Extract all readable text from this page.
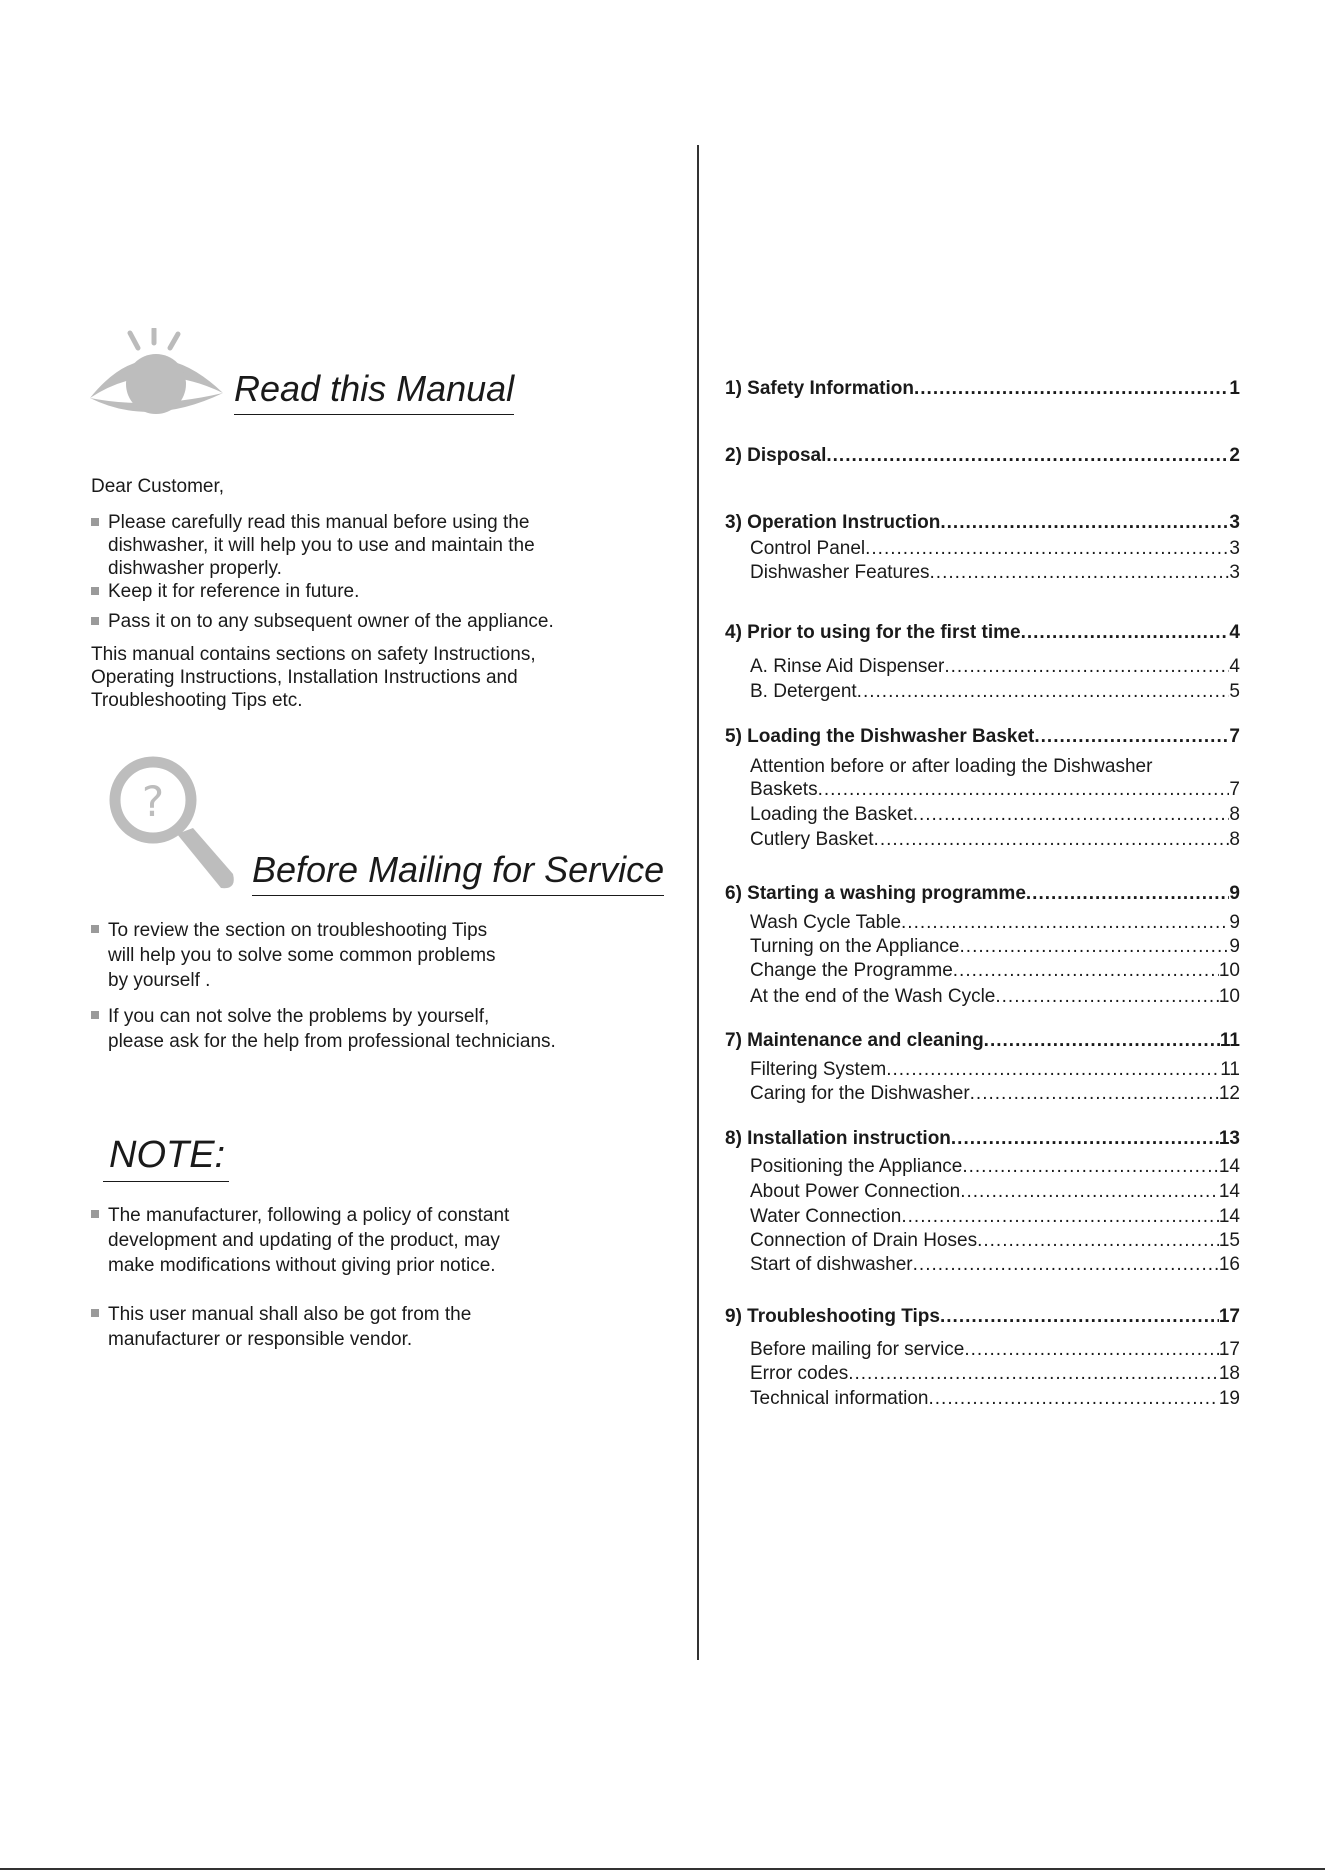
Read this Manual
Dear Customer,
Please carefully read this manual before using the
dishwasher, it will help you to use and maintain the
dishwasher properly.
Keep it for reference in future.
Pass it on to any subsequent owner of the appliance.
This manual contains sections on safety Instructions,
Operating Instructions, Installation Instructions and
Troubleshooting Tips etc.
?
Before Mailing for Service
To review the section on troubleshooting Tips
will help you to solve some common problems
by yourself .
If you can not solve the problems by yourself,
please ask for the help from professional technicians.
NOTE:
The manufacturer, following a policy of constant
development and updating of the product, may
make modifications without giving prior notice.
This user manual shall also be got from the
manufacturer or responsible vendor.
1) Safety Information .....	1
2) Disposal .....	2
3) Operation Instruction .....	3
Control Panel .....	3
Dishwasher Features .....	3
4) Prior to using for the first time .....	4
A. Rinse Aid Dispenser .....	4
B. Detergent .....	5
5) Loading the Dishwasher Basket .....	7
Attention before or after loading the Dishwasher
Baskets .....	7
Loading the Basket .....	8
Cutlery Basket .....	8
6) Starting a washing programme .....	9
Wash Cycle Table .....	9
Turning on the Appliance .....	9
Change the Programme .....	10
At the end of the Wash Cycle .....	10
7) Maintenance and cleaning .....	11
Filtering System .....	11
Caring for the Dishwasher .....	12
8) Installation instruction .....	13
Positioning the Appliance .....	14
About Power Connection .....	14
Water Connection .....	14
Connection of Drain Hoses .....	15
Start of dishwasher .....	16
9) Troubleshooting Tips .....	17
Before mailing for service .....	17
Error codes .....	18
Technical information .....	19
